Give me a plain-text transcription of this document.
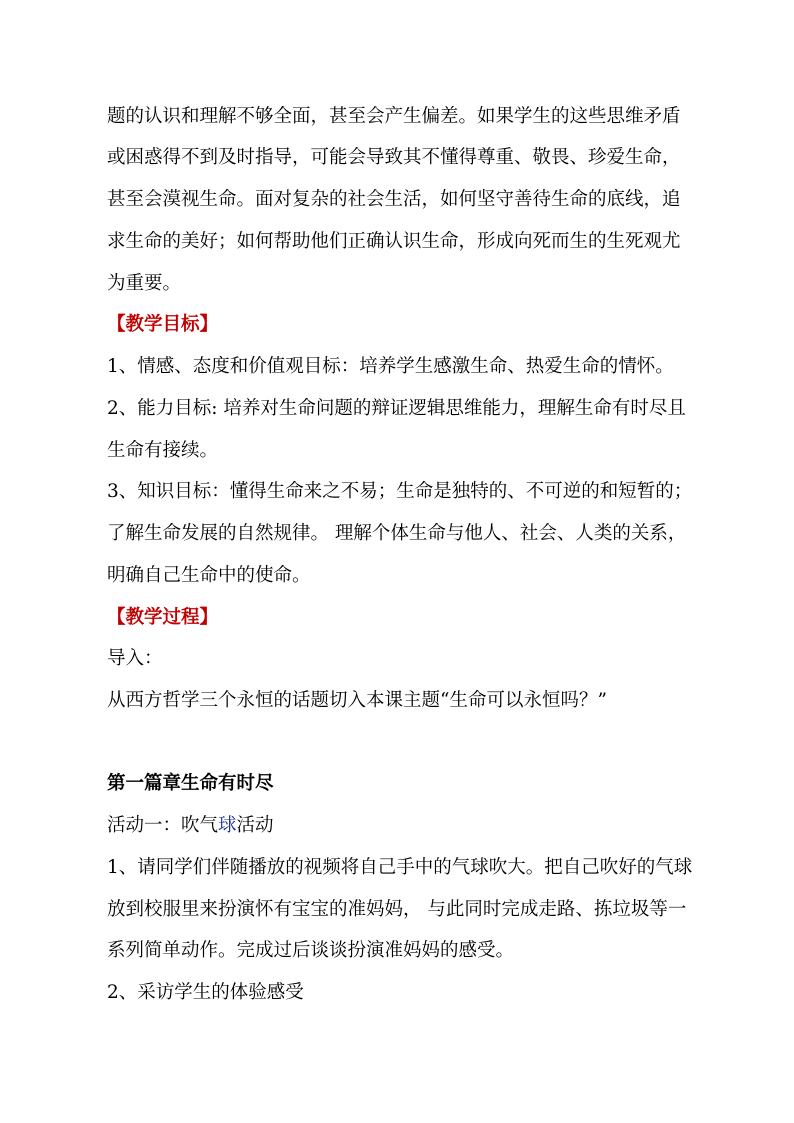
题的认识和理解不够全面，甚至会产生偏差。如果学生的这些思维矛盾
或困惑得不到及时指导，可能会导致其不懂得尊重、敬畏、珍爱生命，
甚至会漠视生命。面对复杂的社会生活，如何坚守善待生命的底线，追
求生命的美好；如何帮助他们正确认识生命，形成向死而生的生死观尤
为重要。
【教学目标】
1、情感、态度和价值观目标：培养学生感激生命、热爱生命的情怀。
2、能力目标: 培养对生命问题的辩证逻辑思维能力，理解生命有时尽且
生命有接续。
3、知识目标：懂得生命来之不易；生命是独特的、不可逆的和短暂的；
了解生命发展的自然规律。 理解个体生命与他人、社会、人类的关系，
明确自己生命中的使命。
【教学过程】
导入：
从西方哲学三个永恒的话题切入本课主题“生命可以永恒吗？”
第一篇章生命有时尽
活动一：吹气球活动
1、请同学们伴随播放的视频将自己手中的气球吹大。把自己吹好的气球
放到校服里来扮演怀有宝宝的准妈妈， 与此同时完成走路、拣垃圾等一
系列简单动作。完成过后谈谈扮演准妈妈的感受。
2、采访学生的体验感受
